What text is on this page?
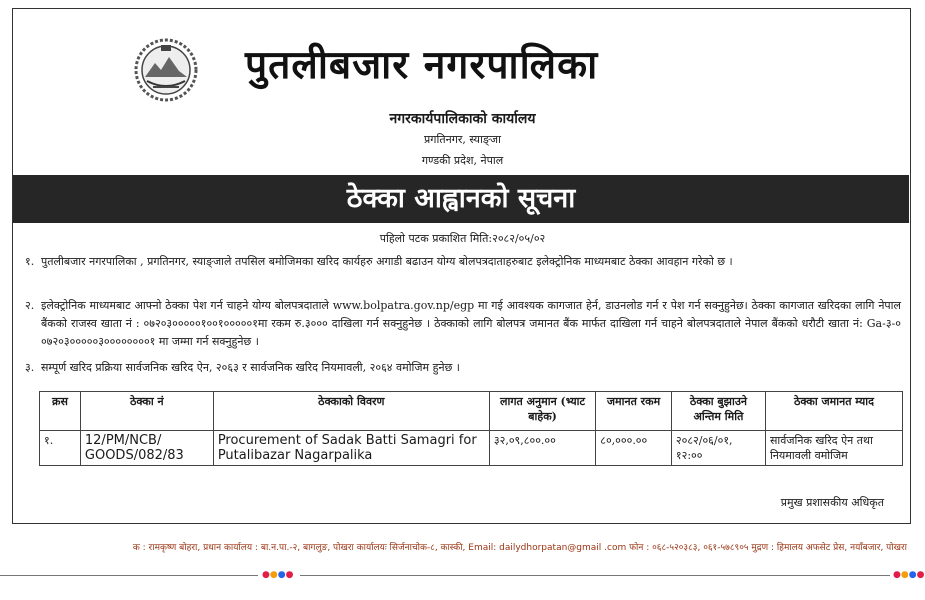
पुतलीबजार नगरपालिका
नगरकार्यपालिकाको कार्यालय
प्रगतिनगर, स्याङ्जा
गण्डकी प्रदेश, नेपाल
ठेक्का आह्वानको सूचना
पहिलो पटक प्रकाशित मिति:२०८२/०५/०२
१. पुतलीबजार नगरपालिका , प्रगतिनगर, स्याङ्जाले तपसिल बमोजिमका खरिद कार्यहरु अगाडी बढाउन योग्य बोलपत्रदाताहरुबाट इलेक्ट्रोनिक माध्यमबाट ठेक्का आवहान गरेको छ ।
२. इलेक्ट्रोनिक माध्यमबाट आफ्नो ठेक्का पेश गर्न चाहने योग्य बोलपत्रदाताले www.bolpatra.gov.np/egp मा गई आवश्यक कागजात हेर्न, डाउनलोड गर्न र पेश गर्न सक्नुहुनेछ। ठेक्का कागजात खरिदका लागि नेपाल बैंकको राजस्व खाता नं : ०७२०३०००००१००१०००००१मा रकम रु.३००० दाखिला गर्न सक्नुहुनेछ । ठेक्काको लागि बोलपत्र जमानत बैंक मार्फत दाखिला गर्न चाहने बोलपत्रदाताले नेपाल बैंकको धरौटी खाता नं: Ga-३-० ०७२०३०००००३००००००००१ मा जम्मा गर्न सक्नुहुनेछ ।
३. सम्पूर्ण खरिद प्रक्रिया सार्वजनिक खरिद ऐन, २०६३ र सार्वजनिक खरिद नियमावली, २०६४ वमोजिम हुनेछ ।
क्रस	ठेक्का नं	ठेक्काको विवरण	लागत अनुमान (भ्याट बाहेक)	जमानत रकम	ठेक्का बुझाउने अन्तिम मिति	ठेक्का जमानत म्याद
१.	12/PM/NCB/ GOODS/082/83	Procurement of Sadak Batti Samagri for Putalibazar Nagarpalika	३२,०९,८००.००	८०,०००.००	२०८२/०६/०१, १२:००	सार्वजनिक खरिद ऐन तथा नियमावली वमोजिम
प्रमुख प्रशासकीय अधिकृत
क : रामकृष्ण बोहरा, प्रधान कार्यालय : बा.न.पा.-२, बागलुङ, पोखरा कार्यालयः सिर्जनाचोक-८, कास्की, Email: dailydhorpatan@gmail .com फोन : ०६८-५२०३८३, ०६१-५७८९०५ मुद्रण : हिमालय अफसेट प्रेस, नयाँबजार, पोखरा
●●●●	●●●●
